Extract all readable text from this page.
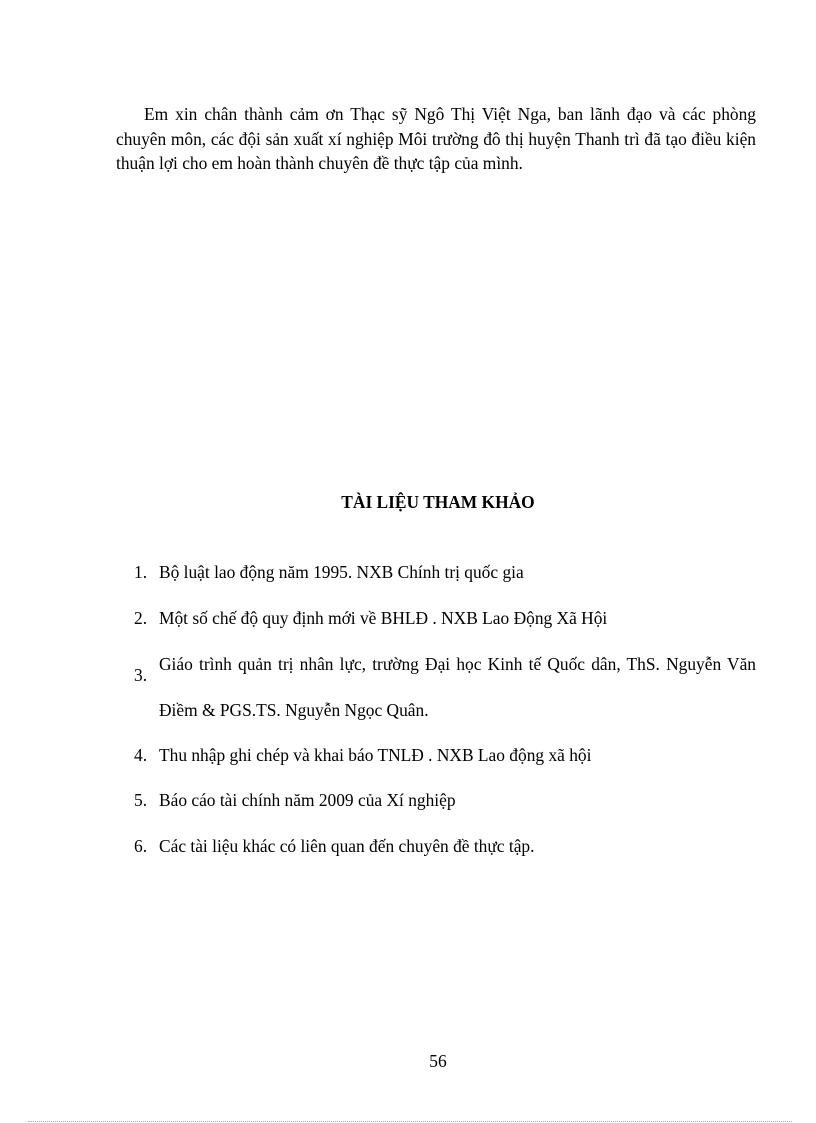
Em xin chân thành cảm ơn Thạc sỹ Ngô Thị Việt Nga, ban lãnh đạo và các phòng chuyên môn, các đội sản xuất xí nghiệp Môi trường đô thị huyện Thanh trì đã tạo điều kiện thuận lợi cho em hoàn thành chuyên đề thực tập của mình.

TÀI LIỆU THAM KHẢO
1. Bộ luật lao động năm 1995. NXB Chính trị quốc gia
2. Một số chế độ quy định mới về BHLĐ . NXB Lao Động Xã Hội
3.
Giáo trình quản trị nhân lực, trường Đại học Kinh tế Quốc dân, ThS. Nguyễn Văn Điềm & PGS.TS. Nguyễn Ngọc Quân.
4. Thu nhập ghi chép và khai báo TNLĐ . NXB Lao động xã hội
5. Báo cáo tài chính năm 2009 của Xí nghiệp
6. Các tài liệu khác có liên quan đến chuyên đề thực tập.

56
